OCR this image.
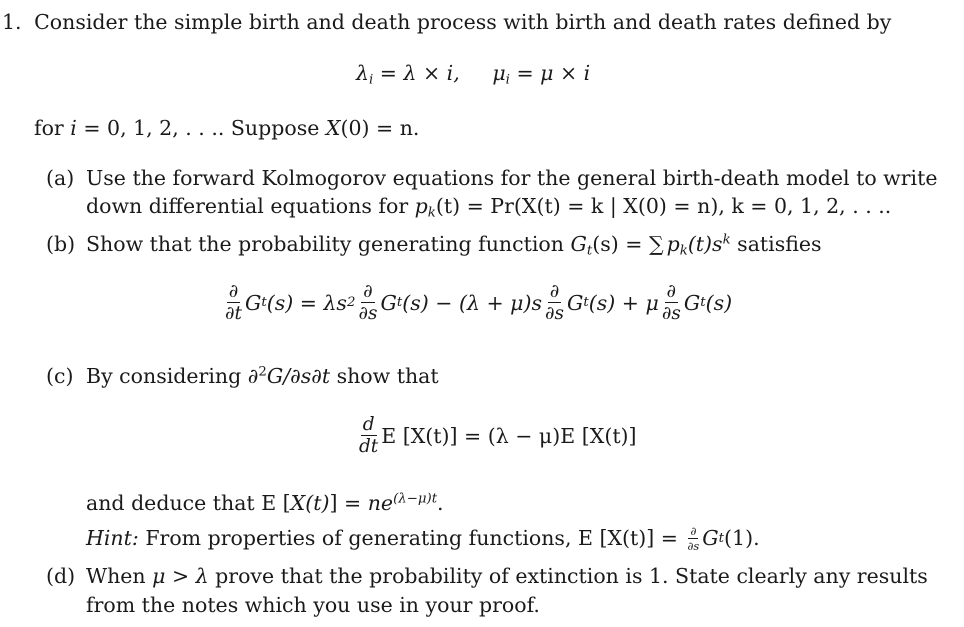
1. Consider the simple birth and death process with birth and death rates defined by
$\lambda_i = \lambda \times i$,     $\mu_i = \mu \times i$
for i = 0, 1, 2, . . .. Suppose X(0) = n.
(a) Use the forward Kolmogorov equations for the general birth-death model to write
down differential equations for $p_k(t) = Pr(X(t) = k$ | X(0) = n), k = 0, 1, 2, . . ..
(b) Show that the probability generating function $G_t(s)$ = ∑ $p_k(t)s^k$ satisfies
$\frac{\partial}{\partial t}$ G t (s) = λs $2 \frac{\partial}{\partial s}$ G t $(s) - (\lambda + \mu)s \frac{\partial}{\partial s}$ G t (s) + μ $\frac{\partial}{\partial s}$ G t (s)
(c) By considering ∂$^2$G/∂s∂t show that
$\frac{d}{dt}$ E [X(t)] = (λ − μ)E [X(t)]
and deduce that E $[X(t)] = ne^{(\lambda-\mu)t}$.
Hint: From properties of generating functions, E $[X(t)] = \frac{\partial}{\partial s}$ G t (1).
(d) When μ > λ prove that the probability of extinction is 1. State clearly any results
from the notes which you use in your proof.
